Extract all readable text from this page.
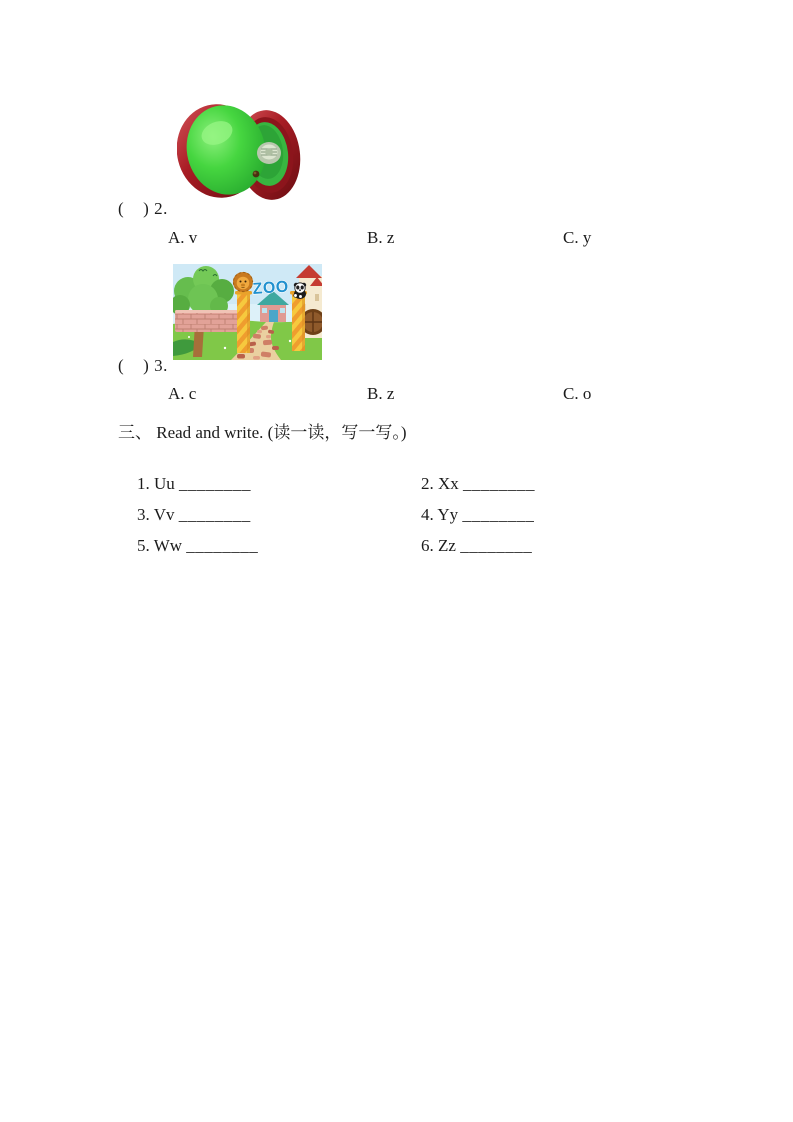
(    ) 2.
A. v	B. z	C. y
ZOO
(    ) 3.
A. c	B. z	C. o
三、 Read and write. (读一读，写一写。)

1. Uu ________
	2. Xx ________

3. Vv ________
	4. Yy ________

5. Ww ________
	6. Zz ________
